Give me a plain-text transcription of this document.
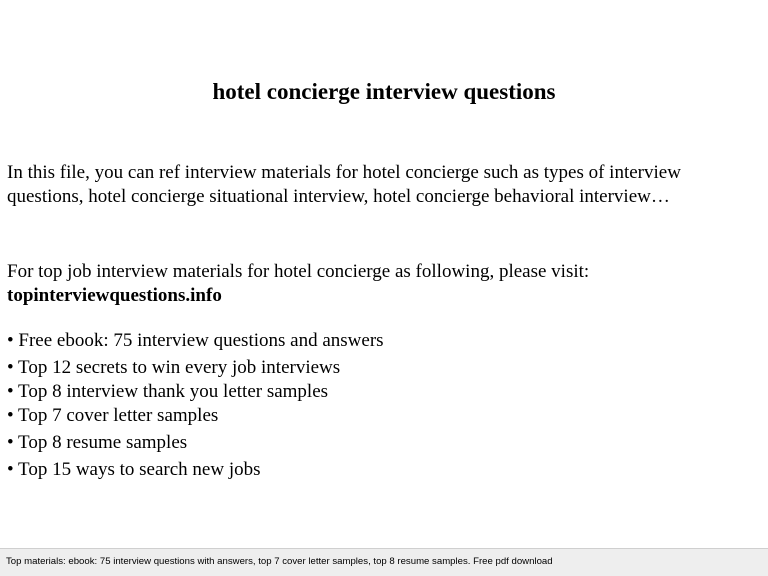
hotel concierge interview questions

In this file, you can ref interview materials for hotel concierge such as types of interview questions, hotel concierge situational interview, hotel concierge behavioral interview…

For top job interview materials for hotel concierge as following, please visit:
topinterviewquestions.info

• Free ebook: 75 interview questions and answers
• Top 12 secrets to win every job interviews
• Top 8 interview thank you letter samples
• Top 7 cover letter samples
• Top 8 resume samples
• Top 15 ways to search new jobs
Top materials: ebook: 75 interview questions with answers, top 7 cover letter samples, top 8 resume samples. Free pdf download
